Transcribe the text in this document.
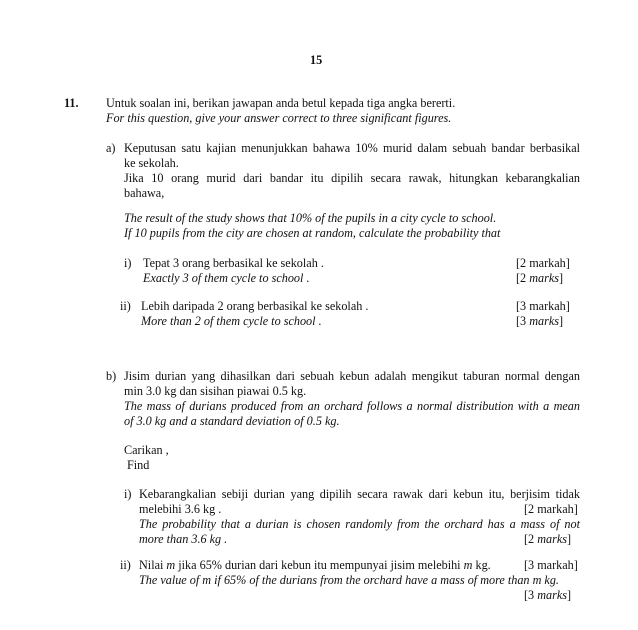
15
11. Untuk soalan ini, berikan jawapan anda betul kepada tiga angka bererti.
For this question, give your answer correct to three significant figures.
a) Keputusan satu kajian menunjukkan bahawa 10% murid dalam sebuah bandar berbasikal
ke sekolah.
Jika 10 orang murid dari bandar itu dipilih secara rawak, hitungkan kebarangkalian
bahawa,
The result of the study shows that 10% of the pupils in a city cycle to school.
If 10 pupils from the city are chosen at random, calculate the probability that
i) Tepat 3 orang berbasikal ke sekolah .	[2 markah]
Exactly 3 of them cycle to school .	[2 marks]
ii) Lebih daripada 2 orang berbasikal ke sekolah .	[3 markah]
More than 2 of them cycle to school .	[3 marks]
b) Jisim durian yang dihasilkan dari sebuah kebun adalah mengikut taburan normal dengan
min 3.0 kg dan sisihan piawai 0.5 kg.
The mass of durians produced from an orchard follows a normal distribution with a mean
of 3.0 kg and a standard deviation of 0.5 kg.
Carikan ,
Find
i) Kebarangkalian sebiji durian yang dipilih secara rawak dari kebun itu, berjisim tidak
melebihi 3.6 kg .	[2 markah]
The probability that a durian is chosen randomly from the orchard has a mass of not
more than 3.6 kg .	[2 marks]
ii) Nilai m jika 65% durian dari kebun itu mempunyai jisim melebihi m kg.	[3 markah]
The value of m if 65% of the durians from the orchard have a mass of more than m kg.
[3 marks]
